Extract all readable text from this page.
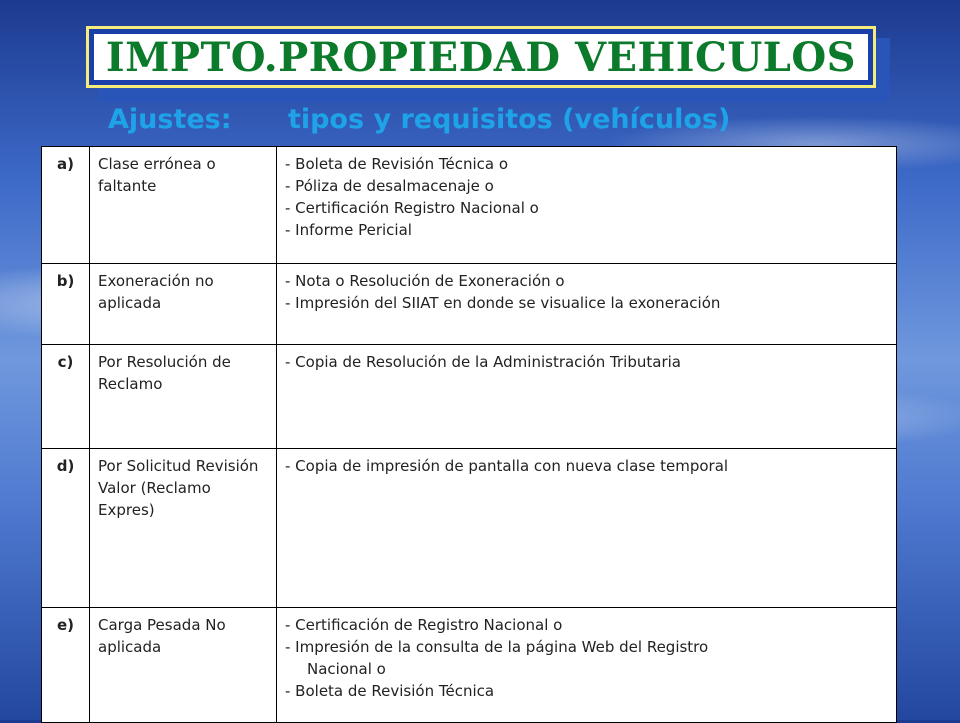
IMPTO.PROPIEDAD VEHICULOS
Ajustes: tipos y requisitos (vehículos)
a)	Clase errónea o faltante	- Boleta de Revisión Técnica o
- Póliza de desalmacenaje o
- Certificación Registro Nacional o
- Informe Pericial

b)	Exoneración no aplicada	- Nota o Resolución de Exoneración o
- Impresión del SIIAT en donde se visualice la exoneración

c)	Por Resolución de Reclamo	- Copia de Resolución de la Administración Tributaria

d)	Por Solicitud Revisión Valor (Reclamo Expres)	- Copia de impresión de pantalla con nueva clase temporal

e)	Carga Pesada No aplicada	- Certificación de Registro Nacional o
- Impresión de la consulta de la página Web del Registro
Nacional o
- Boleta de Revisión Técnica
